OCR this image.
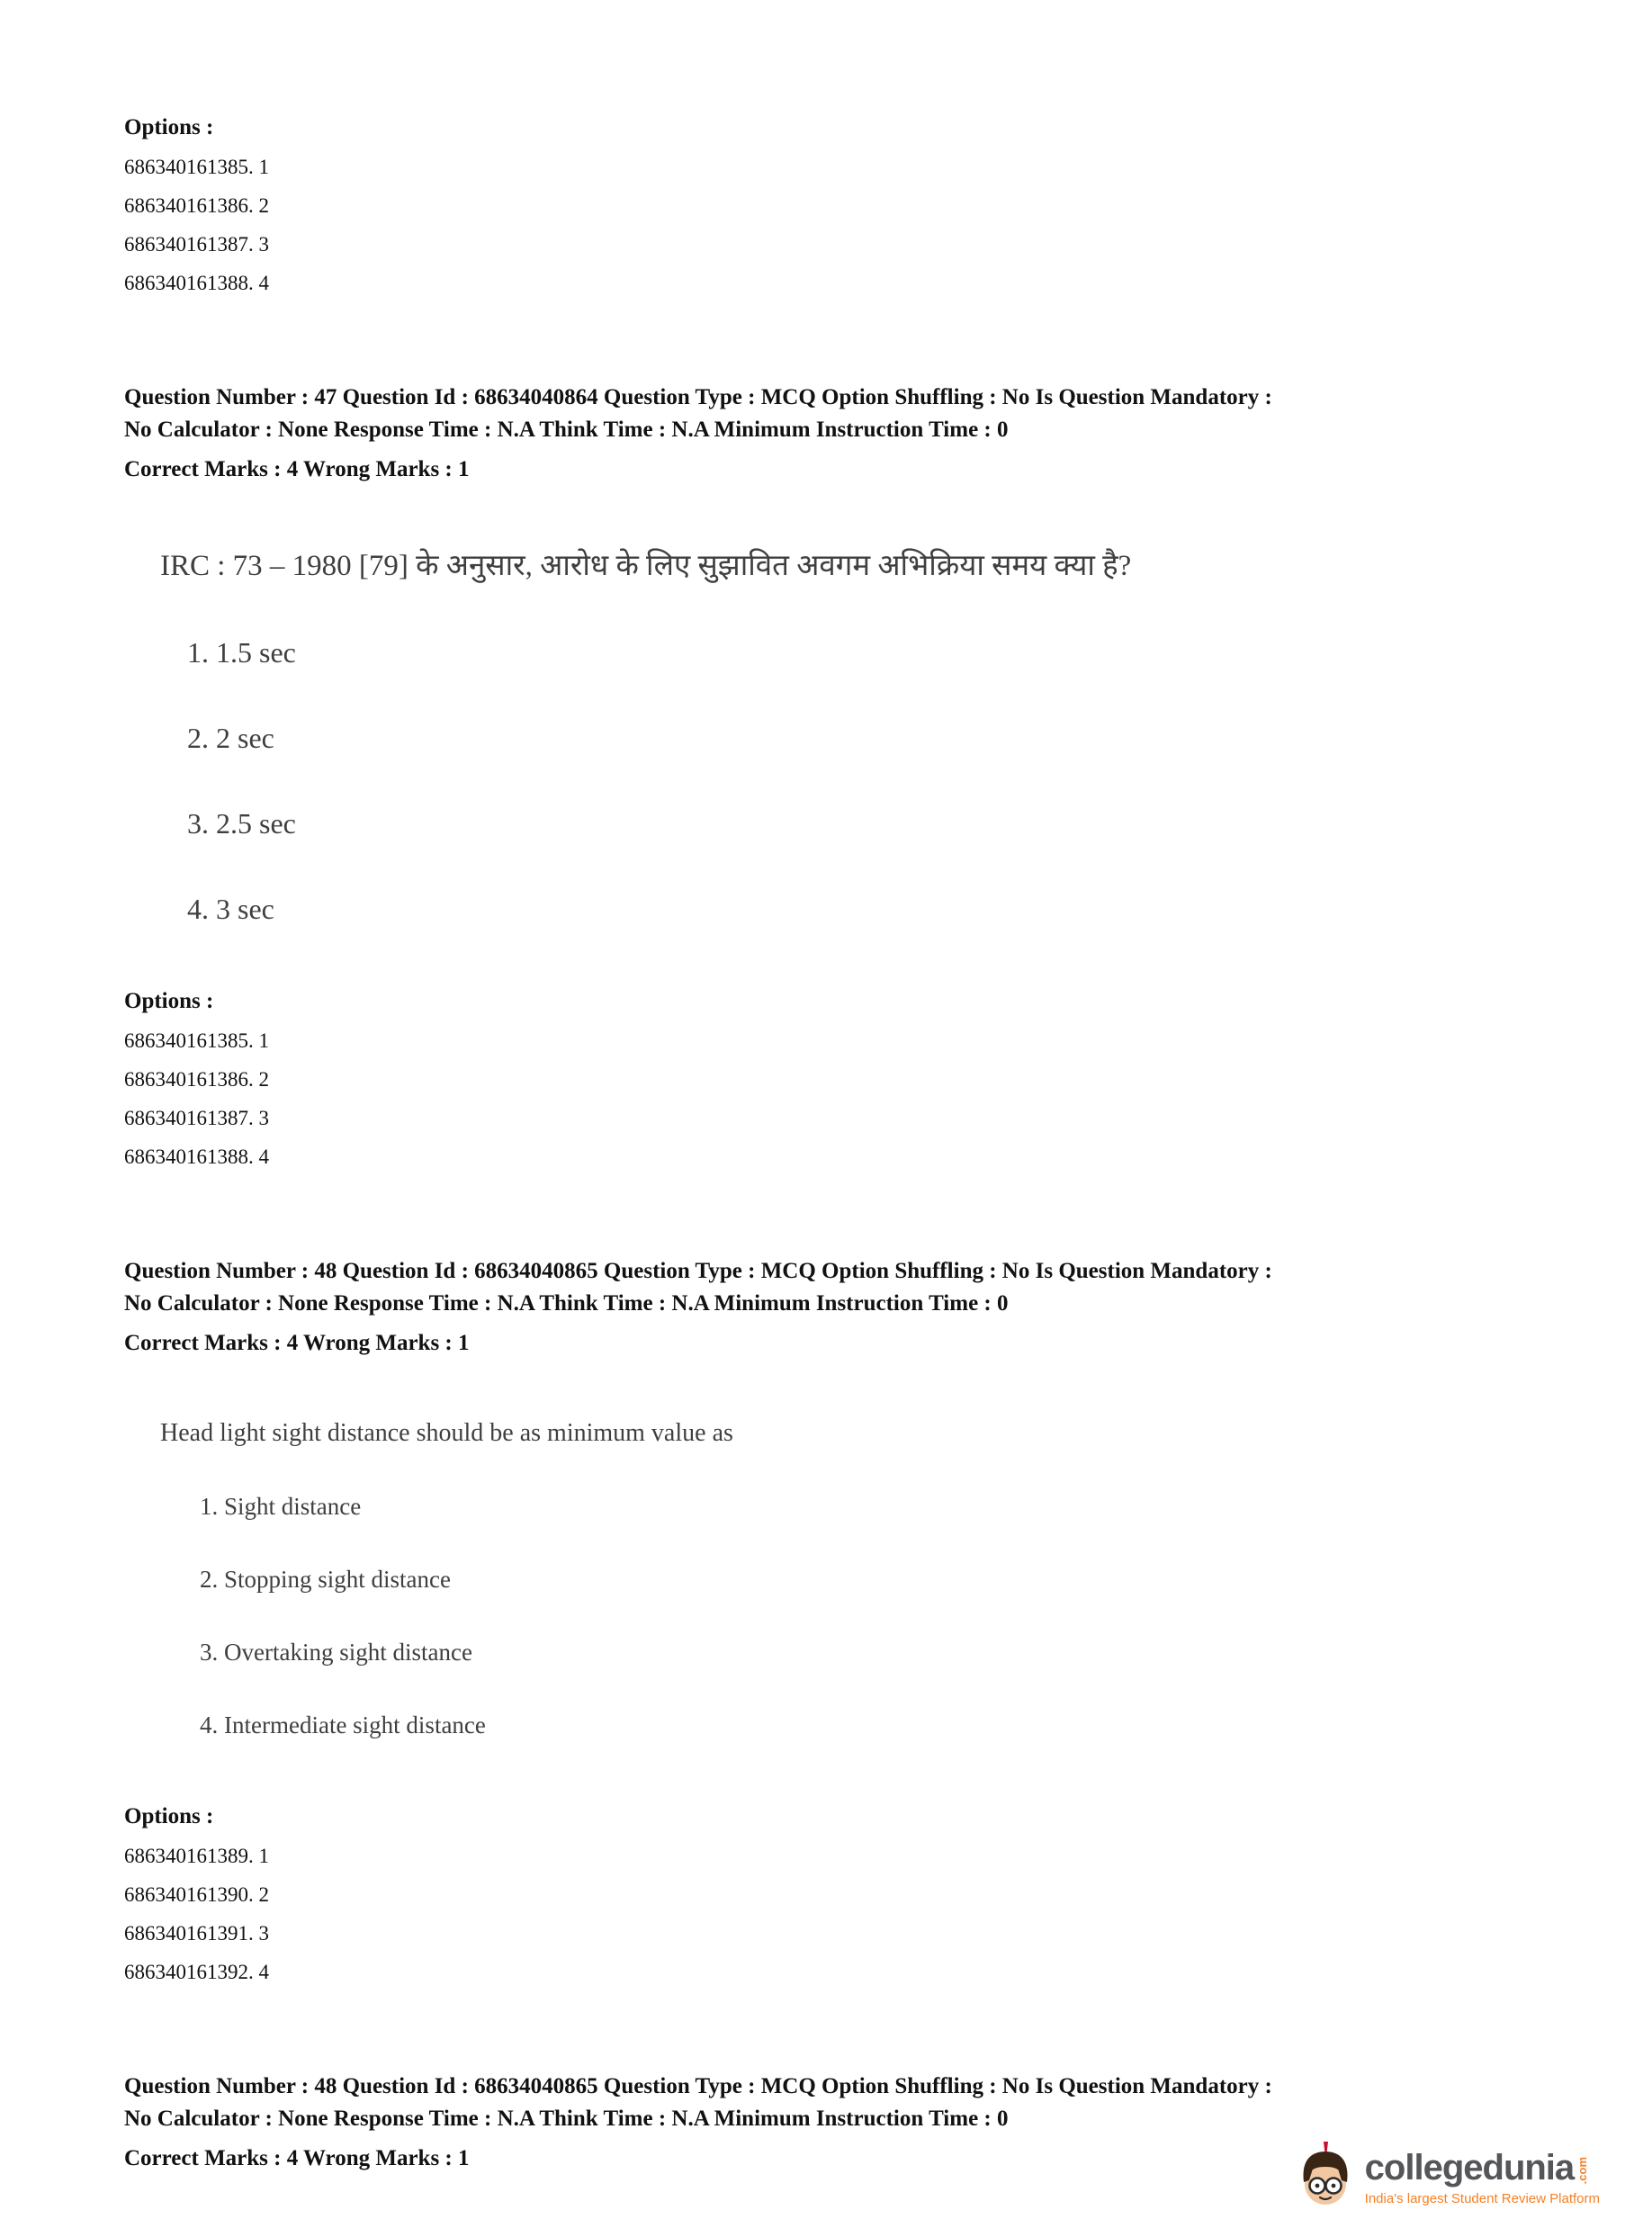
Options :
686340161385. 1
686340161386. 2
686340161387. 3
686340161388. 4
Question Number : 47 Question Id : 68634040864 Question Type : MCQ Option Shuffling : No Is Question Mandatory :
No Calculator : None Response Time : N.A Think Time : N.A Minimum Instruction Time : 0
Correct Marks : 4 Wrong Marks : 1
IRC : 73 – 1980 [79] के अनुसार, आरोध के लिए सुझावित अवगम अभिक्रिया समय क्या है?
1. 1.5 sec
2. 2 sec
3. 2.5 sec
4. 3 sec
Options :
686340161385. 1
686340161386. 2
686340161387. 3
686340161388. 4
Question Number : 48 Question Id : 68634040865 Question Type : MCQ Option Shuffling : No Is Question Mandatory :
No Calculator : None Response Time : N.A Think Time : N.A Minimum Instruction Time : 0
Correct Marks : 4 Wrong Marks : 1
Head light sight distance should be as minimum value as
1. Sight distance
2. Stopping sight distance
3. Overtaking sight distance
4. Intermediate sight distance
Options :
686340161389. 1
686340161390. 2
686340161391. 3
686340161392. 4
Question Number : 48 Question Id : 68634040865 Question Type : MCQ Option Shuffling : No Is Question Mandatory :
No Calculator : None Response Time : N.A Think Time : N.A Minimum Instruction Time : 0
Correct Marks : 4 Wrong Marks : 1	collegedunia .com
India's largest Student Review Platform
